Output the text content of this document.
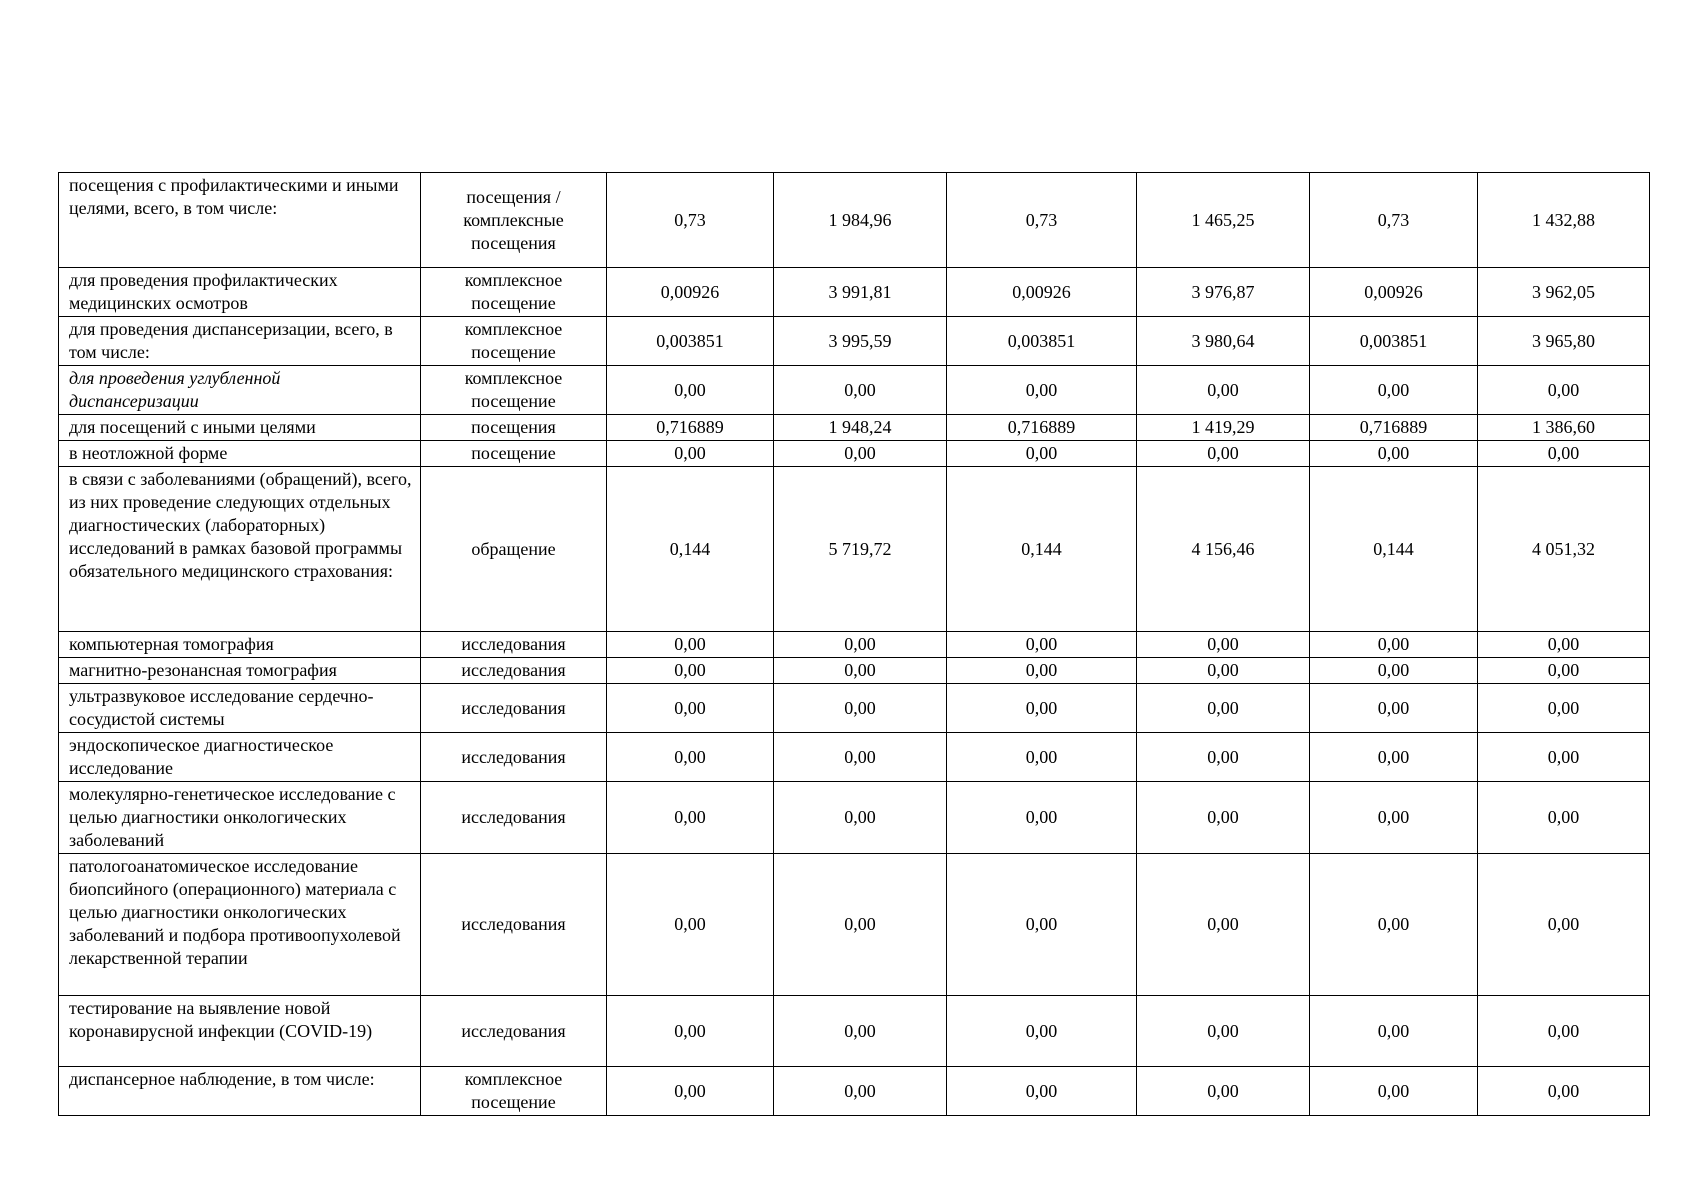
посещения с профилактическими и иными целями, всего, в том числе:	посещения / комплексные посещения	0,73	1 984,96	0,73	1 465,25	0,73	1 432,88
для проведения профилактических медицинских осмотров	комплексное посещение	0,00926	3 991,81	0,00926	3 976,87	0,00926	3 962,05
для проведения диспансеризации, всего, в том числе:	комплексное посещение	0,003851	3 995,59	0,003851	3 980,64	0,003851	3 965,80
для проведения углубленной диспансеризации	комплексное посещение	0,00	0,00	0,00	0,00	0,00	0,00
для посещений с иными целями	посещения	0,716889	1 948,24	0,716889	1 419,29	0,716889	1 386,60
в неотложной форме	посещение	0,00	0,00	0,00	0,00	0,00	0,00
в связи с заболеваниями (обращений), всего, из них проведение следующих отдельных диагностических (лабораторных) исследований в рамках базовой программы обязательного медицинского страхования:	обращение	0,144	5 719,72	0,144	4 156,46	0,144	4 051,32
компьютерная томография	исследования	0,00	0,00	0,00	0,00	0,00	0,00
магнитно-резонансная томография	исследования	0,00	0,00	0,00	0,00	0,00	0,00
ультразвуковое исследование сердечно-сосудистой системы	исследования	0,00	0,00	0,00	0,00	0,00	0,00
эндоскопическое диагностическое исследование	исследования	0,00	0,00	0,00	0,00	0,00	0,00
молекулярно-генетическое исследование с целью диагностики онкологических заболеваний	исследования	0,00	0,00	0,00	0,00	0,00	0,00
патологоанатомическое исследование биопсийного (операционного) материала с целью диагностики онкологических заболеваний и подбора противоопухолевой лекарственной терапии	исследования	0,00	0,00	0,00	0,00	0,00	0,00
тестирование на выявление новой коронавирусной инфекции (COVID-19)	исследования	0,00	0,00	0,00	0,00	0,00	0,00
диспансерное наблюдение, в том числе:	комплексное посещение	0,00	0,00	0,00	0,00	0,00	0,00
